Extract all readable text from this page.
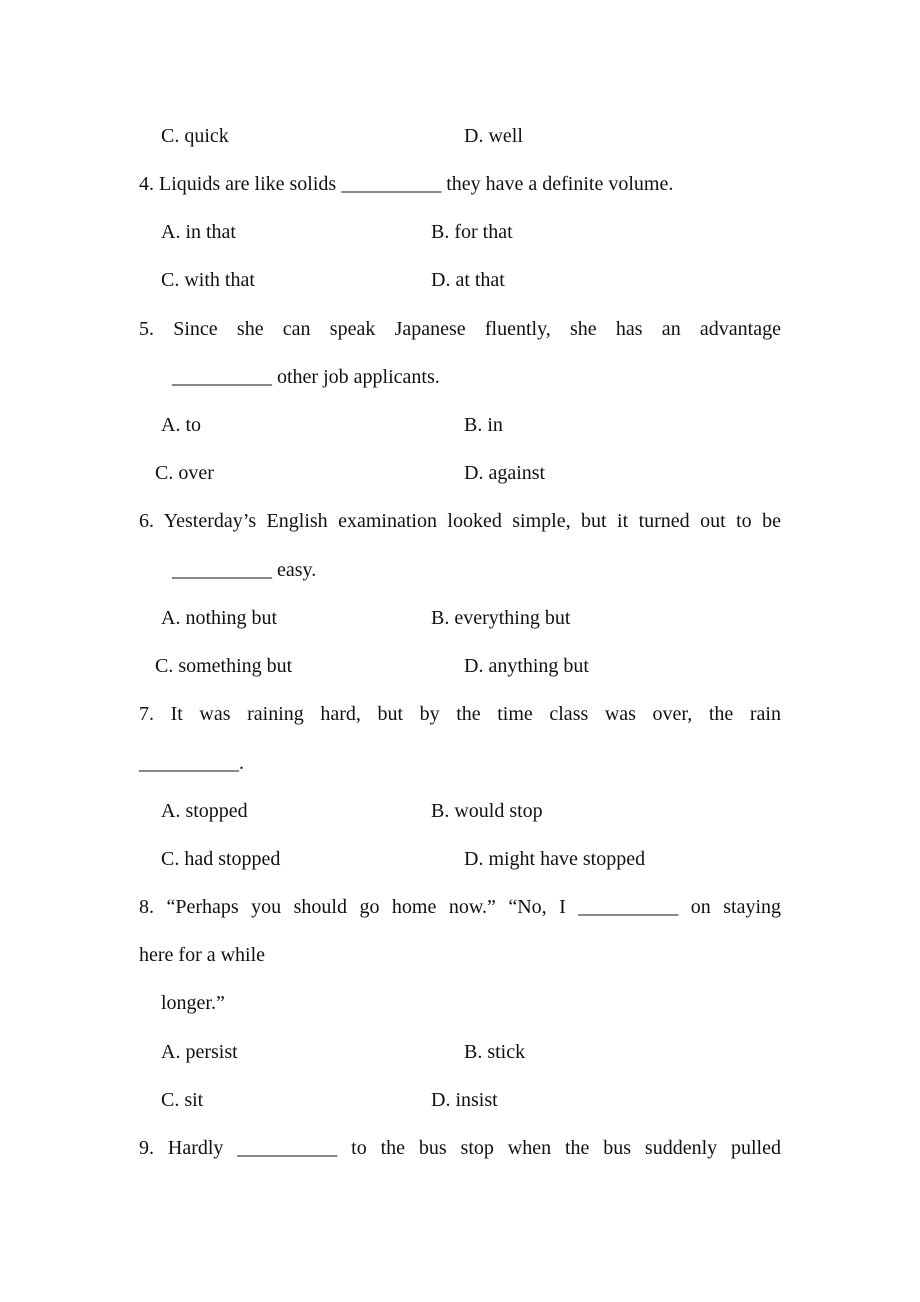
C. quick	D. well
4. Liquids are like solids __________ they have a definite volume.
A. in that	B. for that
C. with that	D. at that
5. Since she can speak Japanese fluently, she has an advantage
__________ other job applicants.
A. to	B. in
C. over	D. against
6. Yesterday’s English examination looked simple, but it turned out to be
__________ easy.
A. nothing but	B. everything but
C. something but	D. anything but
7. It was raining hard, but by the time class was over, the rain
__________.
A. stopped	B. would stop
C. had stopped	D. might have stopped
8. “Perhaps you should go home now.” “No, I __________ on staying
here for a while
longer.”
A. persist	B. stick
C. sit	D. insist
9. Hardly __________ to the bus stop when the bus suddenly pulled
